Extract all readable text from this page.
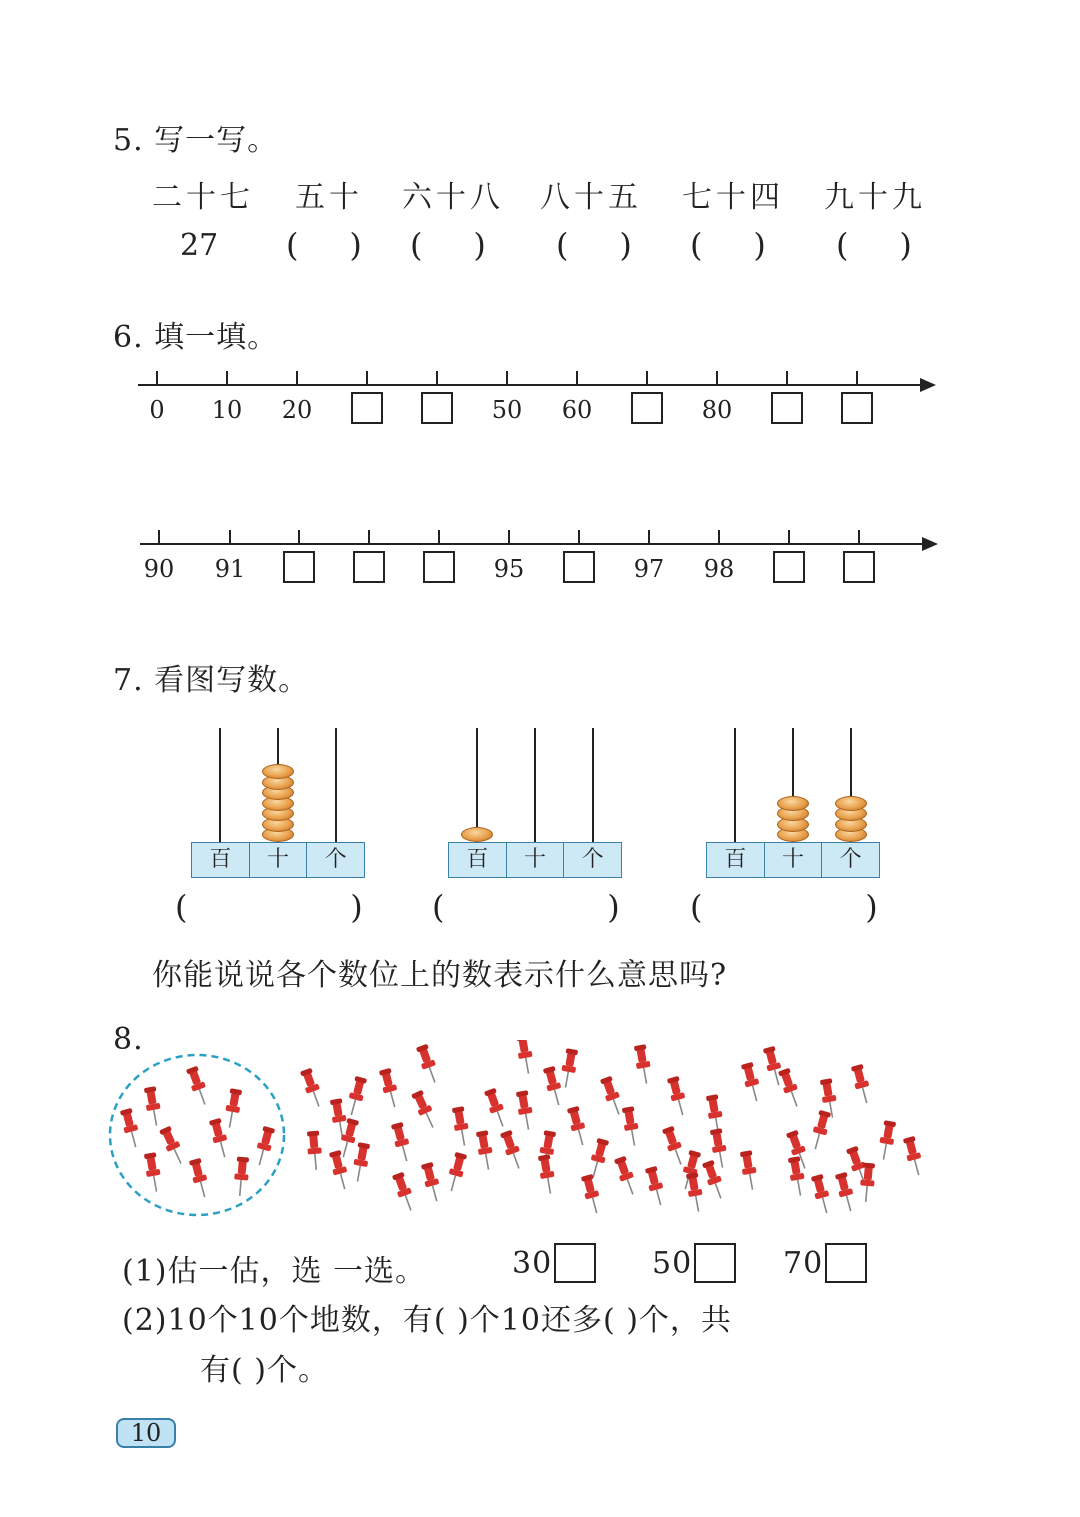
5. 写一写。
二十七 五十 六十八 八十五 七十四 九十九
27 (     ) (     ) (     ) (     ) (     )
6. 填一填。
0 10 20	50 60	80
90 91	95	97 98
7. 看图写数。
百	十	个
(                )
百	十	个
(                )
百	十	个
(                )
你能说说各个数位上的数表示什么意思吗?
8.
(1)估一估，选 一选。	30	50	70
(2)10个10个地数，有( )个10还多( )个，共
有( )个。
10
